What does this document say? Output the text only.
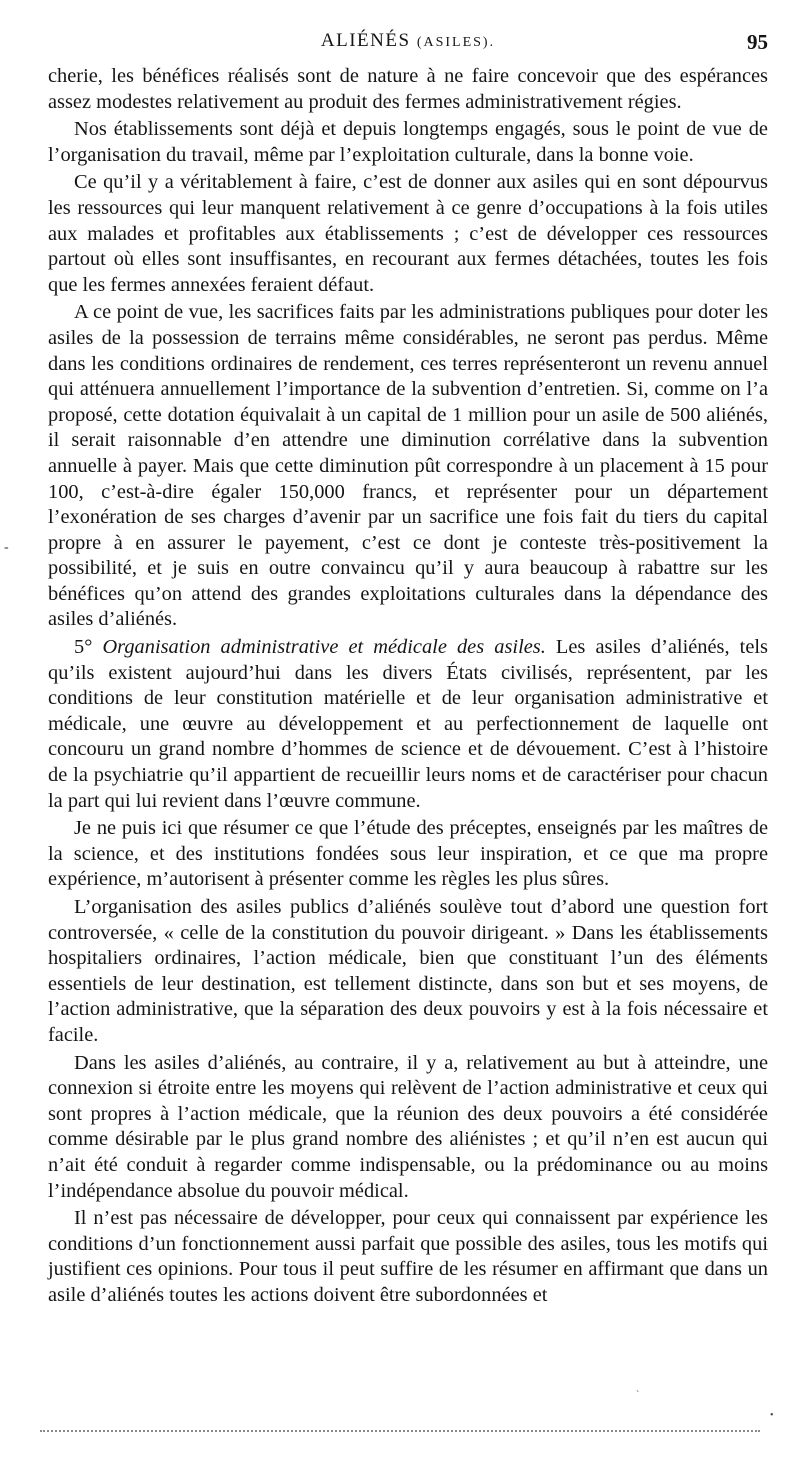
ALIÉNÉS (ASILES).	95

cherie, les bénéfices réalisés sont de nature à ne faire concevoir que des espérances assez modestes relativement au produit des fermes administrativement régies.

Nos établissements sont déjà et depuis longtemps engagés, sous le point de vue de l’organisation du travail, même par l’exploitation culturale, dans la bonne voie.

Ce qu’il y a véritablement à faire, c’est de donner aux asiles qui en sont dépourvus les ressources qui leur manquent relativement à ce genre d’occupations à la fois utiles aux malades et profitables aux établissements ; c’est de développer ces ressources partout où elles sont insuffisantes, en recourant aux fermes détachées, toutes les fois que les fermes annexées feraient défaut.

A ce point de vue, les sacrifices faits par les administrations publiques pour doter les asiles de la possession de terrains même considérables, ne seront pas perdus. Même dans les conditions ordinaires de rendement, ces terres représenteront un revenu annuel qui atténuera annuellement l’importance de la subvention d’entretien. Si, comme on l’a proposé, cette dotation équivalait à un capital de 1 million pour un asile de 500 aliénés, il serait raisonnable d’en attendre une diminution corrélative dans la subvention annuelle à payer. Mais que cette diminution pût correspondre à un placement à 15 pour 100, c’est-à-dire égaler 150,000 francs, et représenter pour un département l’exonération de ses charges d’avenir par un sacrifice une fois fait du tiers du capital propre à en assurer le payement, c’est ce dont je conteste très-positivement la possibilité, et je suis en outre convaincu qu’il y aura beaucoup à rabattre sur les bénéfices qu’on attend des grandes exploitations culturales dans la dépendance des asiles d’aliénés.

5° Organisation administrative et médicale des asiles. Les asiles d’aliénés, tels qu’ils existent aujourd’hui dans les divers États civilisés, représentent, par les conditions de leur constitution matérielle et de leur organisation administrative et médicale, une œuvre au développement et au perfectionnement de laquelle ont concouru un grand nombre d’hommes de science et de dévouement. C’est à l’histoire de la psychiatrie qu’il appartient de recueillir leurs noms et de caractériser pour chacun la part qui lui revient dans l’œuvre commune.

Je ne puis ici que résumer ce que l’étude des préceptes, enseignés par les maîtres de la science, et des institutions fondées sous leur inspiration, et ce que ma propre expérience, m’autorisent à présenter comme les règles les plus sûres.

L’organisation des asiles publics d’aliénés soulève tout d’abord une question fort controversée, « celle de la constitution du pouvoir dirigeant. » Dans les établissements hospitaliers ordinaires, l’action médicale, bien que constituant l’un des éléments essentiels de leur destination, est tellement distincte, dans son but et ses moyens, de l’action administrative, que la séparation des deux pouvoirs y est à la fois nécessaire et facile.

Dans les asiles d’aliénés, au contraire, il y a, relativement au but à atteindre, une connexion si étroite entre les moyens qui relèvent de l’action administrative et ceux qui sont propres à l’action médicale, que la réunion des deux pouvoirs a été considérée comme désirable par le plus grand nombre des aliénistes ; et qu’il n’en est aucun qui n’ait été conduit à regarder comme indispensable, ou la prédominance ou au moins l’indépendance absolue du pouvoir médical.

Il n’est pas nécessaire de développer, pour ceux qui connaissent par expérience les conditions d’un fonctionnement aussi parfait que possible des asiles, tous les motifs qui justifient ces opinions. Pour tous il peut suffire de les résumer en affirmant que dans un asile d’aliénés toutes les actions doivent être subordonnées et

-
`
•
